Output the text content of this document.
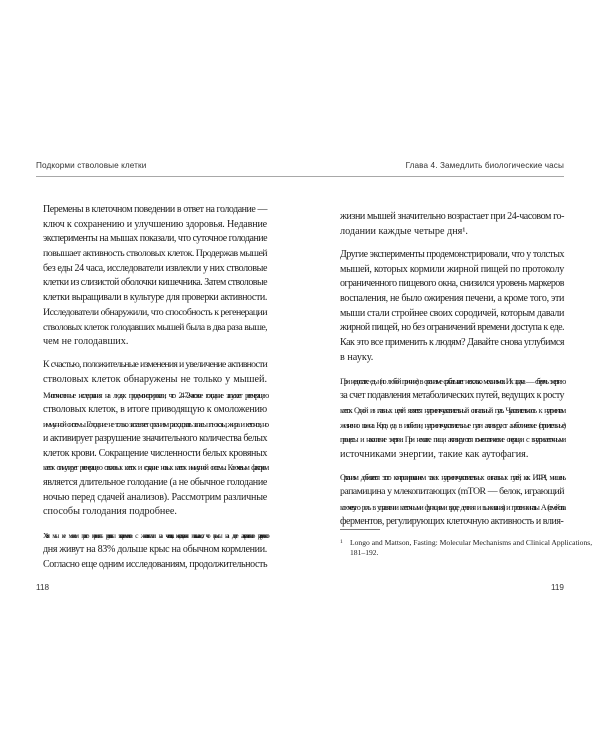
Подкорми стволовые клетки
Перемены в клеточном поведении в ответ на голодание —
ключ к сохранению и улучшению здоровья. Недавние
эксперименты на мышах показали, что суточное голодание
повышает активность стволовых клеток. Продержав мышей
без еды 24 часа, исследователи извлекли у них стволовые
клетки из слизистой оболочки кишечника. Затем стволовые
клетки выращивали в культуре для проверки активности.
Исследователи обнаружили, что способность к регенерации
стволовых клеток голодавших мышей была в два раза выше,
чем не голодавших.
К счастью, положительные изменения и увеличение активности
стволовых клеток обнаружены не только у мышей.
Многочисленные исследования на людях продемонстрировали, что 24–72-часовое голодание запускает регенерацию
стволовых клеток, в итоге приводящую к омоложению
иммунной системы. Голодание не только заставляет организм расходовать запасы глюкозы, жира и кетонов, но
и активирует разрушение значительного количества белых
клеток крови. Сокращение численности белых кровяных
клеток стимулирует регенерацию стволовых клеток и создание новых клеток иммунной системы. Ключевым фактором
является длительное голодание (а не обычное голодание
ночью перед сдачей анализов). Рассмотрим различные
способы голодания подробнее.
Хотя мы не можем просто переносить результаты экспериментов с животными на человека, исследования показывают, что крысы на диете альтернативного разгрузочного
дня живут на 83% дольше крыс на обычном кормлении.
Согласно еще одним исследованиям, продолжительность
118
Глава 4. Замедлить биологические часы
жизни мышей значительно возрастает при 24-часовом го-
лодании каждые четыре дня¹.
Другие эксперименты продемонстрировали, что у толстых
мышей, которых кормили жирной пищей по протоколу
ограниченного пищевого окна, снизился уровень маркеров
воспаления, не было ожирения печени, а кроме того, эти
мыши стали стройнее своих сородичей, которым давали
жирной пищей, но без ограничений времени доступа к еде.
Как это все применить к людям? Давайте снова углубимся
в науку.
При недостатке еды (по любой причине) в организме срабатывает несколько механизмов. Их задача — сберечь энергию
за счет подавления метаболических путей, ведущих к росту
клеток. Одной из главных целей является нутриент-чувствительный сигнальный путь. Чувствительность к нутриентам
жизненно важна. Когда еда в изобилии, нутриент-чувствительные пути активируют анаболические (строительные)
процессы и накопление энергии. При нехватке пищи активируются гомеостатические операции с внутриклеточными
источниками энергии, такие как аутофагия.
Организм добивается этого контролированием таких нутриент-чувствительных сигнальных путей, как ИФР-1, мишень
рапамицина у млекопитающих (mTOR — белок, играющий
ключевую роль в управлении клеточными функциями вроде деления и выживания), и протеинкиназы A (семейства
ферментов, регулирующих клеточную активность и влия-
119
1 Longo and Mattson, Fasting: Molecular Mechanisms and Clinical Applications,
181–192.
